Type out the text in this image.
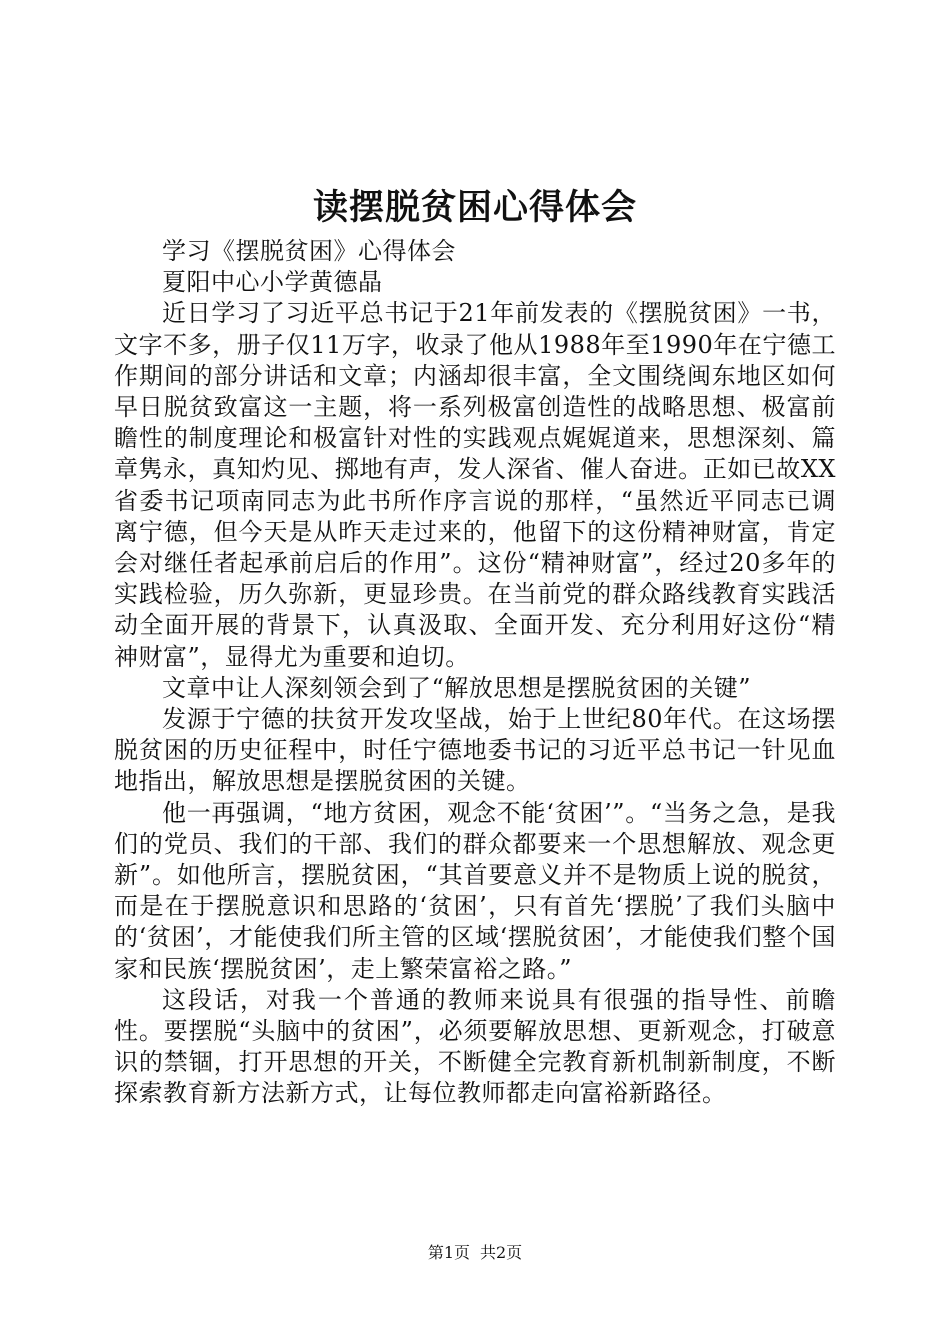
读摆脱贫困心得体会

学习《摆脱贫困》心得体会

夏阳中心小学黄德晶

近日学习了习近平总书记于21年前发表的《摆脱贫困》一书，文字不多，册子仅11万字，收录了他从1988年至1990年在宁德工作期间的部分讲话和文章；内涵却很丰富，全文围绕闽东地区如何早日脱贫致富这一主题，将一系列极富创造性的战略思想、极富前瞻性的制度理论和极富针对性的实践观点娓娓道来，思想深刻、篇章隽永，真知灼见、掷地有声，发人深省、催人奋进。正如已故XX省委书记项南同志为此书所作序言说的那样，“虽然近平同志已调离宁德，但今天是从昨天走过来的，他留下的这份精神财富，肯定会对继任者起承前启后的作用”。这份“精神财富”，经过20多年的实践检验，历久弥新，更显珍贵。在当前党的群众路线教育实践活动全面开展的背景下，认真汲取、全面开发、充分利用好这份“精神财富”，显得尤为重要和迫切。

文章中让人深刻领会到了“解放思想是摆脱贫困的关键”

发源于宁德的扶贫开发攻坚战，始于上世纪80年代。在这场摆脱贫困的历史征程中，时任宁德地委书记的习近平总书记一针见血地指出，解放思想是摆脱贫困的关键。

他一再强调，“地方贫困，观念不能‘贫困’”。“当务之急，是我们的党员、我们的干部、我们的群众都要来一个思想解放、观念更新”。如他所言，摆脱贫困，“其首要意义并不是物质上说的脱贫，而是在于摆脱意识和思路的‘贫困’，只有首先‘摆脱’了我们头脑中的‘贫困’，才能使我们所主管的区域‘摆脱贫困’，才能使我们整个国家和民族‘摆脱贫困’，走上繁荣富裕之路。”

这段话，对我一个普通的教师来说具有很强的指导性、前瞻性。要摆脱“头脑中的贫困”，必须要解放思想、更新观念，打破意识的禁锢，打开思想的开关，不断健全完教育新机制新制度，不断探索教育新方法新方式，让每位教师都走向富裕新路径。

第1页 共2页
